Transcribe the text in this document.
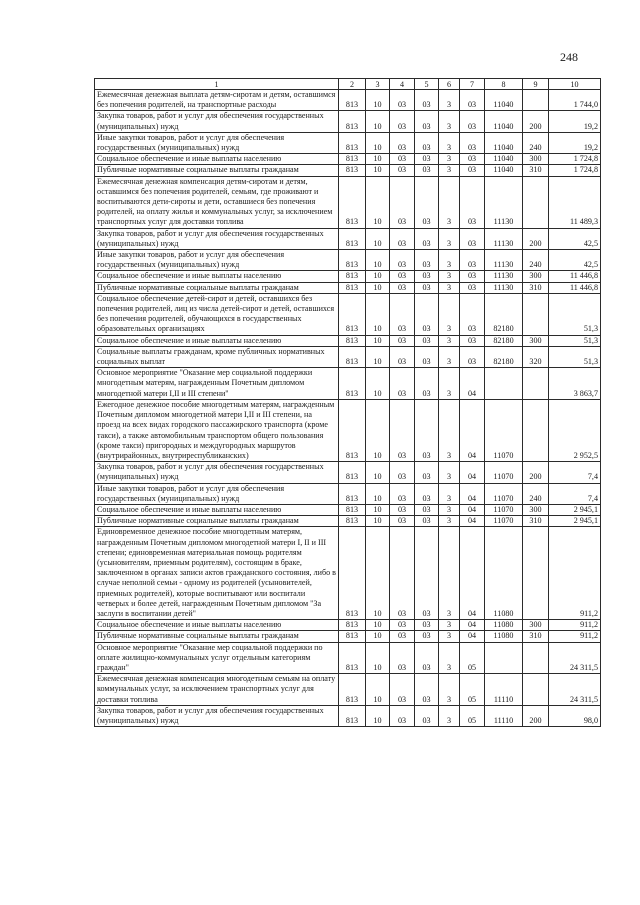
248
1	2	3	4	5	6	7	8	9	10
Ежемесячная денежная выплата детям-сиротам и детям, оставшимся без попечения родителей, на транспортные расходы	813	10	03	03	3	03	11040		1 744,0
Закупка товаров, работ и услуг для обеспечения государственных (муниципальных) нужд	813	10	03	03	3	03	11040	200	19,2
Иные закупки товаров, работ и услуг для обеспечения государственных (муниципальных) нужд	813	10	03	03	3	03	11040	240	19,2
Социальное обеспечение и иные выплаты населению	813	10	03	03	3	03	11040	300	1 724,8
Публичные нормативные социальные выплаты гражданам	813	10	03	03	3	03	11040	310	1 724,8
Ежемесячная денежная компенсация детям-сиротам и детям, оставшимся без попечения родителей, семьям, где проживают и воспитываются дети-сироты и дети, оставшиеся без попечения родителей, на оплату жилья и коммунальных услуг, за исключением транспортных услуг для доставки топлива	813	10	03	03	3	03	11130		11 489,3
Закупка товаров, работ и услуг для обеспечения государственных (муниципальных) нужд	813	10	03	03	3	03	11130	200	42,5
Иные закупки товаров, работ и услуг для обеспечения государственных (муниципальных) нужд	813	10	03	03	3	03	11130	240	42,5
Социальное обеспечение и иные выплаты населению	813	10	03	03	3	03	11130	300	11 446,8
Публичные нормативные социальные выплаты гражданам	813	10	03	03	3	03	11130	310	11 446,8
Социальное обеспечение детей-сирот и детей, оставшихся без попечения родителей, лиц из числа детей-сирот и детей, оставшихся без попечения родителей, обучающихся в государственных образовательных организациях	813	10	03	03	3	03	82180		51,3
Социальное обеспечение и иные выплаты населению	813	10	03	03	3	03	82180	300	51,3
Социальные выплаты гражданам, кроме публичных нормативных социальных выплат	813	10	03	03	3	03	82180	320	51,3
Основное мероприятие "Оказание мер социальной поддержки многодетным матерям, награжденным Почетным дипломом многодетной матери I,II и III степени"	813	10	03	03	3	04			3 863,7
Ежегодное денежное пособие многодетным матерям, награжденным Почетным дипломом многодетной матери I,II и III степени, на проезд на всех видах городского пассажирского транспорта (кроме такси), а также автомобильным транспортом общего пользования (кроме такси) пригородных и междугородных маршрутов (внутрирайонных, внутриреспубликанских)	813	10	03	03	3	04	11070		2 952,5
Закупка товаров, работ и услуг для обеспечения государственных (муниципальных) нужд	813	10	03	03	3	04	11070	200	7,4
Иные закупки товаров, работ и услуг для обеспечения государственных (муниципальных) нужд	813	10	03	03	3	04	11070	240	7,4
Социальное обеспечение и иные выплаты населению	813	10	03	03	3	04	11070	300	2 945,1
Публичные нормативные социальные выплаты гражданам	813	10	03	03	3	04	11070	310	2 945,1
Единовременное денежное пособие многодетным матерям, награжденным Почетным дипломом многодетной матери I, II и III степени; единовременная материальная помощь родителям (усыновителям, приемным родителям), состоящим в браке, заключенном в органах записи актов гражданского состояния, либо в случае неполной семьи - одному из родителей (усыновителей, приемных родителей), которые воспитывают или воспитали четверых и более детей, награжденным Почетным дипломом "За заслуги в воспитании детей"	813	10	03	03	3	04	11080		911,2
Социальное обеспечение и иные выплаты населению	813	10	03	03	3	04	11080	300	911,2
Публичные нормативные социальные выплаты гражданам	813	10	03	03	3	04	11080	310	911,2
Основное мероприятие "Оказание мер социальной поддержки по оплате жилищно-коммунальных услуг отдельным категориям граждан"	813	10	03	03	3	05			24 311,5
Ежемесячная денежная компенсация многодетным семьям на оплату коммунальных услуг, за исключением транспортных услуг для доставки топлива	813	10	03	03	3	05	11110		24 311,5
Закупка товаров, работ и услуг для обеспечения государственных (муниципальных) нужд	813	10	03	03	3	05	11110	200	98,0
